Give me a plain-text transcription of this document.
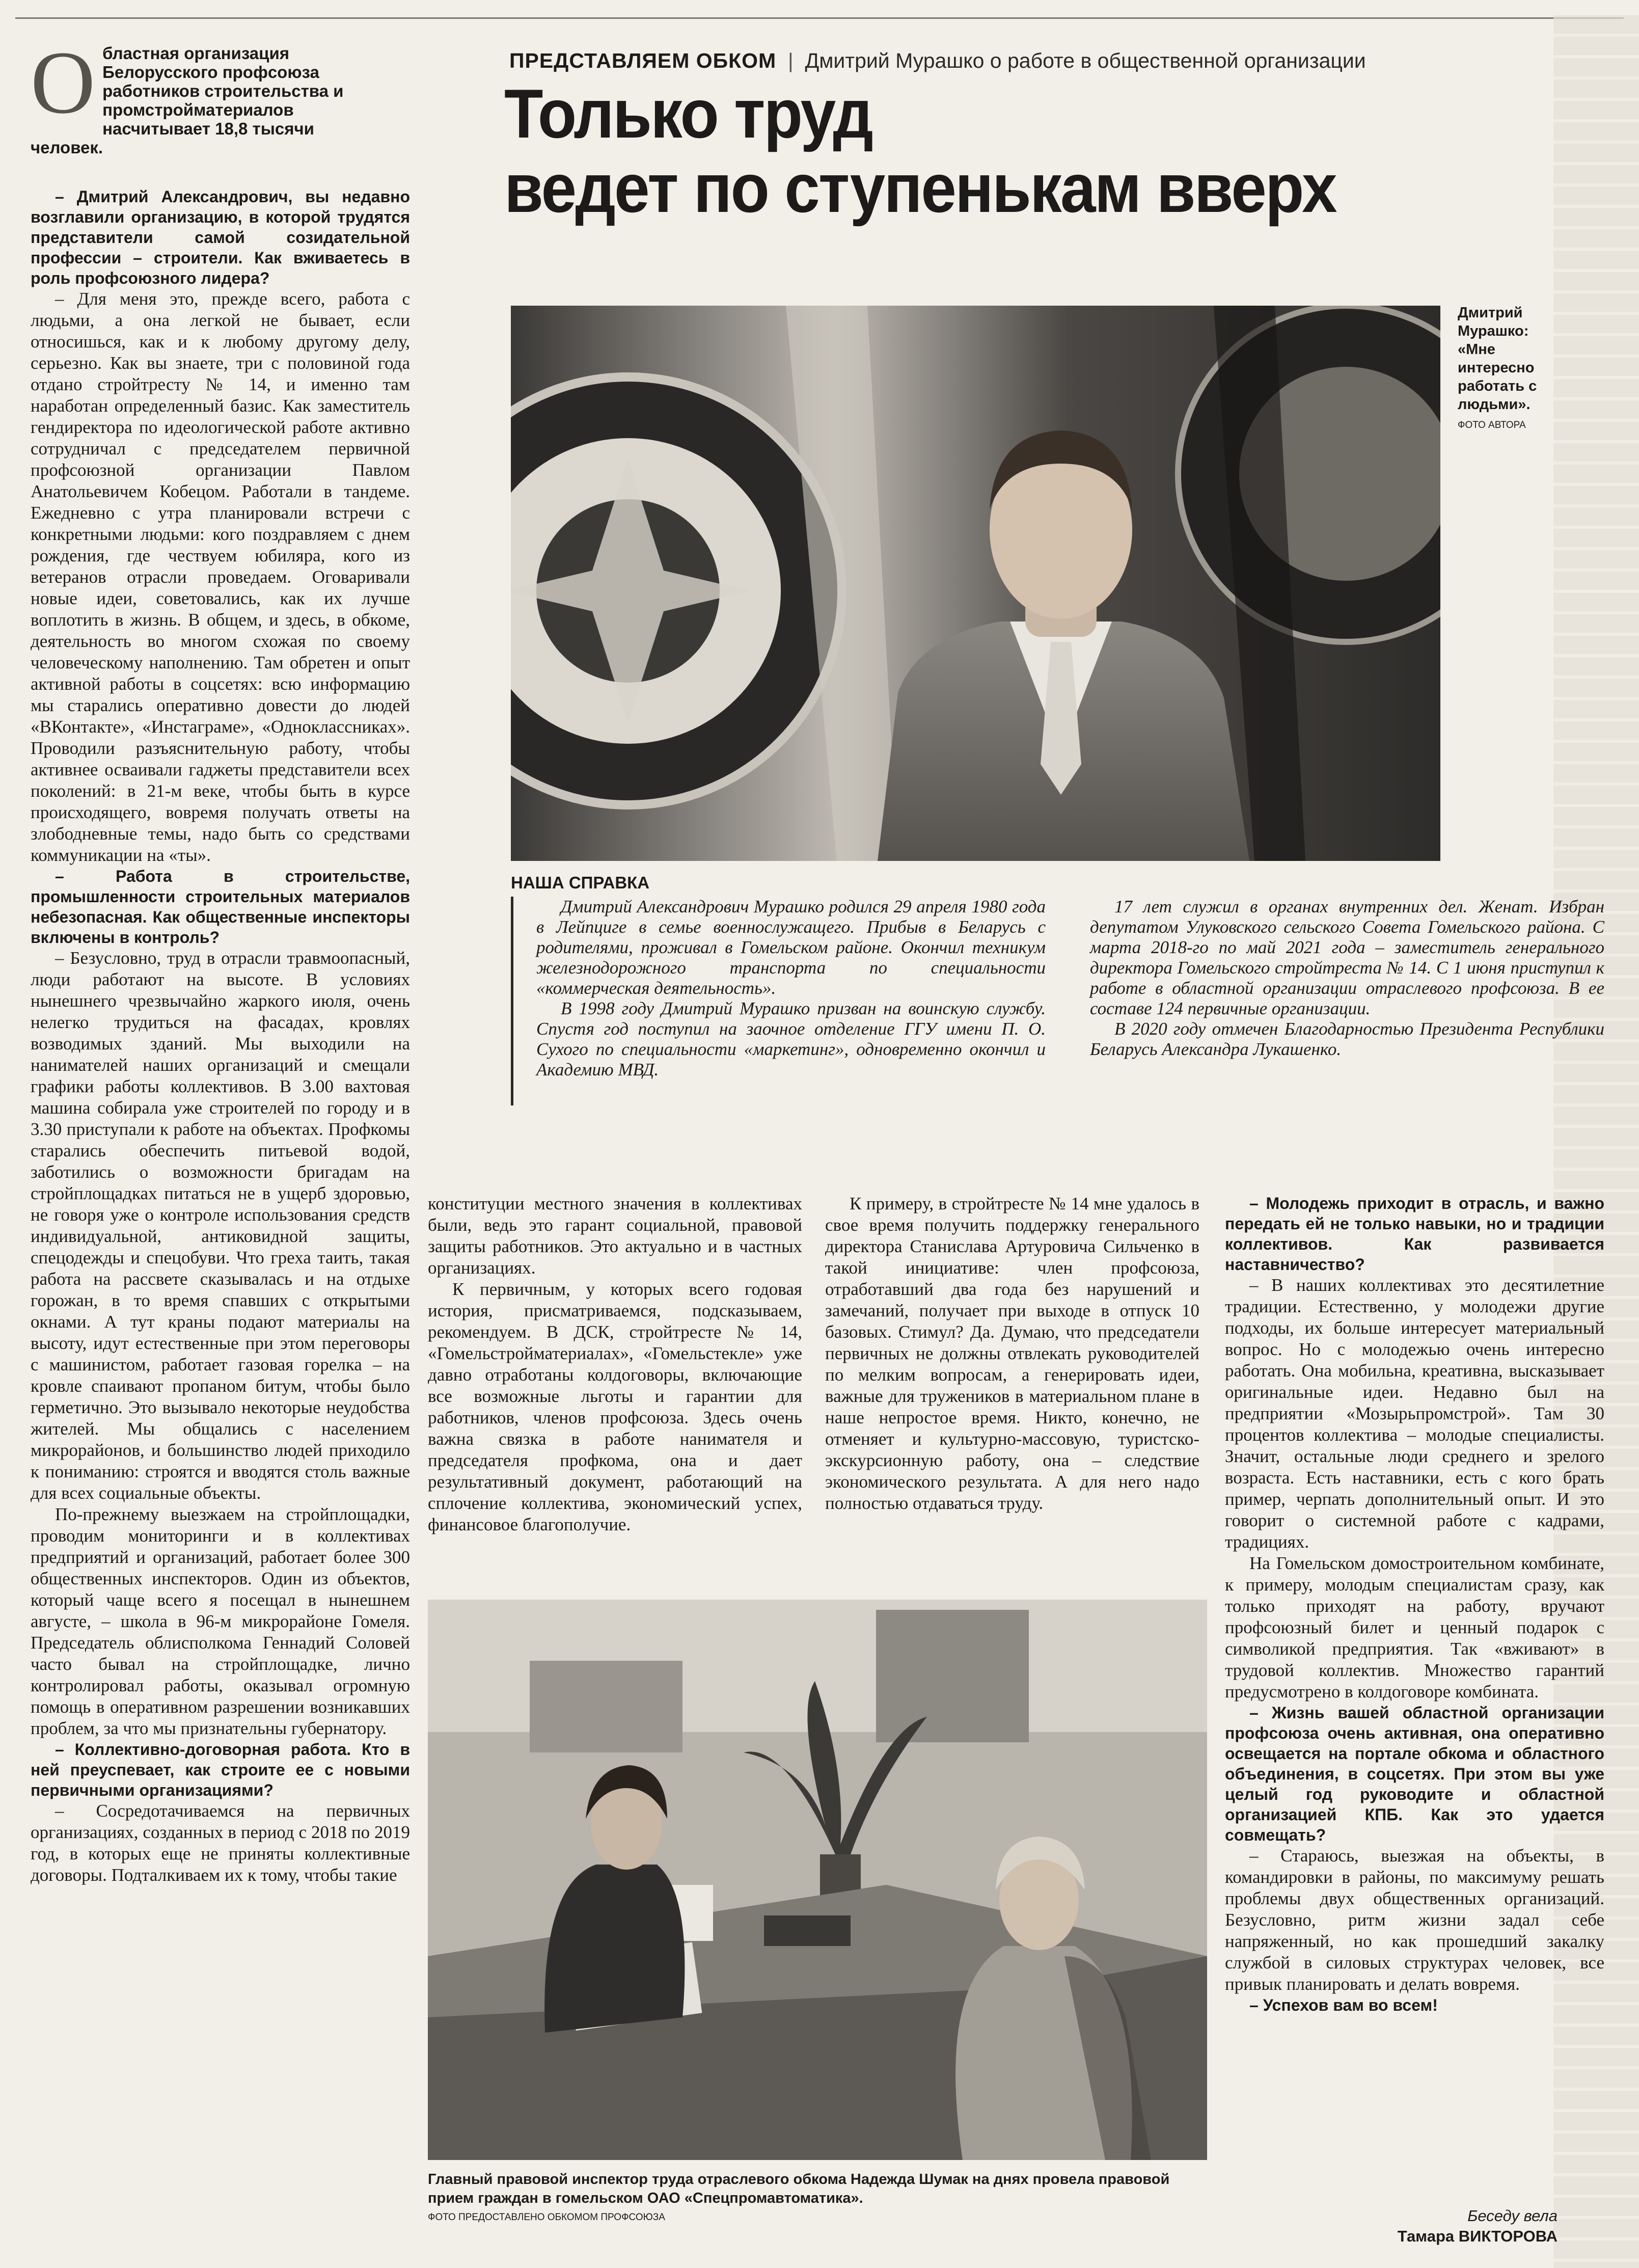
О бластная организация Белорусского профсоюза работников строительства и промстройматериалов насчитывает 18,8 тысячи человек.
ПРЕДСТАВЛЯЕМ ОБКОМ  |  Дмитрий Мурашко о работе в общественной организации
Только труд
ведет по ступенькам вверх
Дмитрий Мурашко: «Мне интересно работать с людьми».
ФОТО АВТОРА
НАША СПРАВКА

Дмитрий Александрович Мурашко родился 29 апреля 1980 года в Лейпциге в семье военнослужащего. Прибыв в Беларусь с родителями, проживал в Гомельском районе. Окончил техникум железнодорожного транспорта по специальности «коммерческая деятельность».

В 1998 году Дмитрий Мурашко призван на воинскую службу. Спустя год поступил на заочное отделение ГГУ имени П. О. Сухого по специальности «маркетинг», одновременно окончил и Академию МВД.

17 лет служил в органах внутренних дел. Женат. Избран депутатом Улуковского сельского Совета Гомельского района. С марта 2018-го по май 2021 года – заместитель генерального директора Гомельского стройтреста № 14. С 1 июня приступил к работе в областной организации отраслевого профсоюза. В ее составе 124 первичные организации.

В 2020 году отмечен Благодарностью Президента Республики Беларусь Александра Лукашенко.

– Дмитрий Александрович, вы недавно возглавили организацию, в которой трудятся представители самой созидательной профессии – строители. Как вживаетесь в роль профсоюзного лидера?

– Для меня это, прежде всего, работа с людьми, а она легкой не бывает, если относишься, как и к любому другому делу, серьезно. Как вы знаете, три с половиной года отдано стройтресту № 14, и именно там наработан определенный базис. Как заместитель гендиректора по идеологической работе активно сотрудничал с председателем первичной профсоюзной организации Павлом Анатольевичем Кобецом. Работали в тандеме. Ежедневно с утра планировали встречи с конкретными людьми: кого поздравляем с днем рождения, где чествуем юбиляра, кого из ветеранов отрасли проведаем. Оговаривали новые идеи, советовались, как их лучше воплотить в жизнь. В общем, и здесь, в обкоме, деятельность во многом схожая по своему человеческому наполнению. Там обретен и опыт активной работы в соцсетях: всю информацию мы старались оперативно довести до людей «ВКонтакте», «Инстаграме», «Одноклассниках». Проводили разъяснительную работу, чтобы активнее осваивали гаджеты представители всех поколений: в 21-м веке, чтобы быть в курсе происходящего, вовремя получать ответы на злободневные темы, надо быть со средствами коммуникации на «ты».

– Работа в строительстве, промышленности строительных материалов небезопасная. Как общественные инспекторы включены в контроль?

– Безусловно, труд в отрасли травмоопасный, люди работают на высоте. В условиях нынешнего чрезвычайно жаркого июля, очень нелегко трудиться на фасадах, кровлях возводимых зданий. Мы выходили на нанимателей наших организаций и смещали графики работы коллективов. В 3.00 вахтовая машина собирала уже строителей по городу и в 3.30 приступали к работе на объектах. Профкомы старались обеспечить питьевой водой, заботились о возможности бригадам на стройплощадках питаться не в ущерб здоровью, не говоря уже о контроле использования средств индивидуальной, антиковидной защиты, спецодежды и спецобуви. Что греха таить, такая работа на рассвете сказывалась и на отдыхе горожан, в то время спавших с открытыми окнами. А тут краны подают материалы на высоту, идут естественные при этом переговоры с машинистом, работает газовая горелка – на кровле спаивают пропаном битум, чтобы было герметично. Это вызывало некоторые неудобства жителей. Мы общались с населением микрорайонов, и большинство людей приходило к пониманию: строятся и вводятся столь важные для всех социальные объекты.

По-прежнему выезжаем на стройплощадки, проводим мониторинги и в коллективах предприятий и организаций, работает более 300 общественных инспекторов. Один из объектов, который чаще всего я посещал в нынешнем августе, – школа в 96-м микрорайоне Гомеля. Председатель облисполкома Геннадий Соловей часто бывал на стройплощадке, лично контролировал работы, оказывал огромную помощь в оперативном разрешении возникавших проблем, за что мы признательны губернатору.

– Коллективно-договорная работа. Кто в ней преуспевает, как строите ее с новыми первичными организациями?

– Сосредотачиваемся на первичных организациях, созданных в период с 2018 по 2019 год, в которых еще не приняты коллективные договоры. Подталкиваем их к тому, чтобы такие

конституции местного значения в коллективах были, ведь это гарант социальной, правовой защиты работников. Это актуально и в частных организациях.

К первичным, у которых всего годовая история, присматриваемся, подсказываем, рекомендуем. В ДСК, стройтресте № 14, «Гомельстройматериалах», «Гомельстекле» уже давно отработаны колдоговоры, включающие все возможные льготы и гарантии для работников, членов профсоюза. Здесь очень важна связка в работе нанимателя и председателя профкома, она и дает результативный документ, работающий на сплочение коллектива, экономический успех, финансовое благополучие.

К примеру, в стройтресте № 14 мне удалось в свое время получить поддержку генерального директора Станислава Артуровича Сильченко в такой инициативе: член профсоюза, отработавший два года без нарушений и замечаний, получает при выходе в отпуск 10 базовых. Стимул? Да. Думаю, что председатели первичных не должны отвлекать руководителей по мелким вопросам, а генерировать идеи, важные для тружеников в материальном плане в наше непростое время. Никто, конечно, не отменяет и культурно-массовую, туристско-экскурсионную работу, она – следствие экономического результата. А для него надо полностью отдаваться труду.

– Молодежь приходит в отрасль, и важно передать ей не только навыки, но и традиции коллективов. Как развивается наставничество?

– В наших коллективах это десятилетние традиции. Естественно, у молодежи другие подходы, их больше интересует материальный вопрос. Но с молодежью очень интересно работать. Она мобильна, креативна, высказывает оригинальные идеи. Недавно был на предприятии «Мозырьпромстрой». Там 30 процентов коллектива – молодые специалисты. Значит, остальные люди среднего и зрелого возраста. Есть наставники, есть с кого брать пример, черпать дополнительный опыт. И это говорит о системной работе с кадрами, традициях.

На Гомельском домостроительном комбинате, к примеру, молодым специалистам сразу, как только приходят на работу, вручают профсоюзный билет и ценный подарок с символикой предприятия. Так «вживают» в трудовой коллектив. Множество гарантий предусмотрено в колдоговоре комбината.

– Жизнь вашей областной организации профсоюза очень активная, она оперативно освещается на портале обкома и областного объединения, в соцсетях. При этом вы уже целый год руководите и областной организацией КПБ. Как это удается совмещать?

– Стараюсь, выезжая на объекты, в командировки в районы, по максимуму решать проблемы двух общественных организаций. Безусловно, ритм жизни задал себе напряженный, но как прошедший закалку службой в силовых структурах человек, все привык планировать и делать вовремя.

– Успехов вам во всем!

Беседу вела
Тамара ВИКТОРОВА
Главный правовой инспектор труда отраслевого обкома Надежда Шумак на днях провела правовой прием граждан в гомельском ОАО «Спецпромавтоматика».
ФОТО ПРЕДОСТАВЛЕНО ОБКОМОМ ПРОФСОЮЗА
